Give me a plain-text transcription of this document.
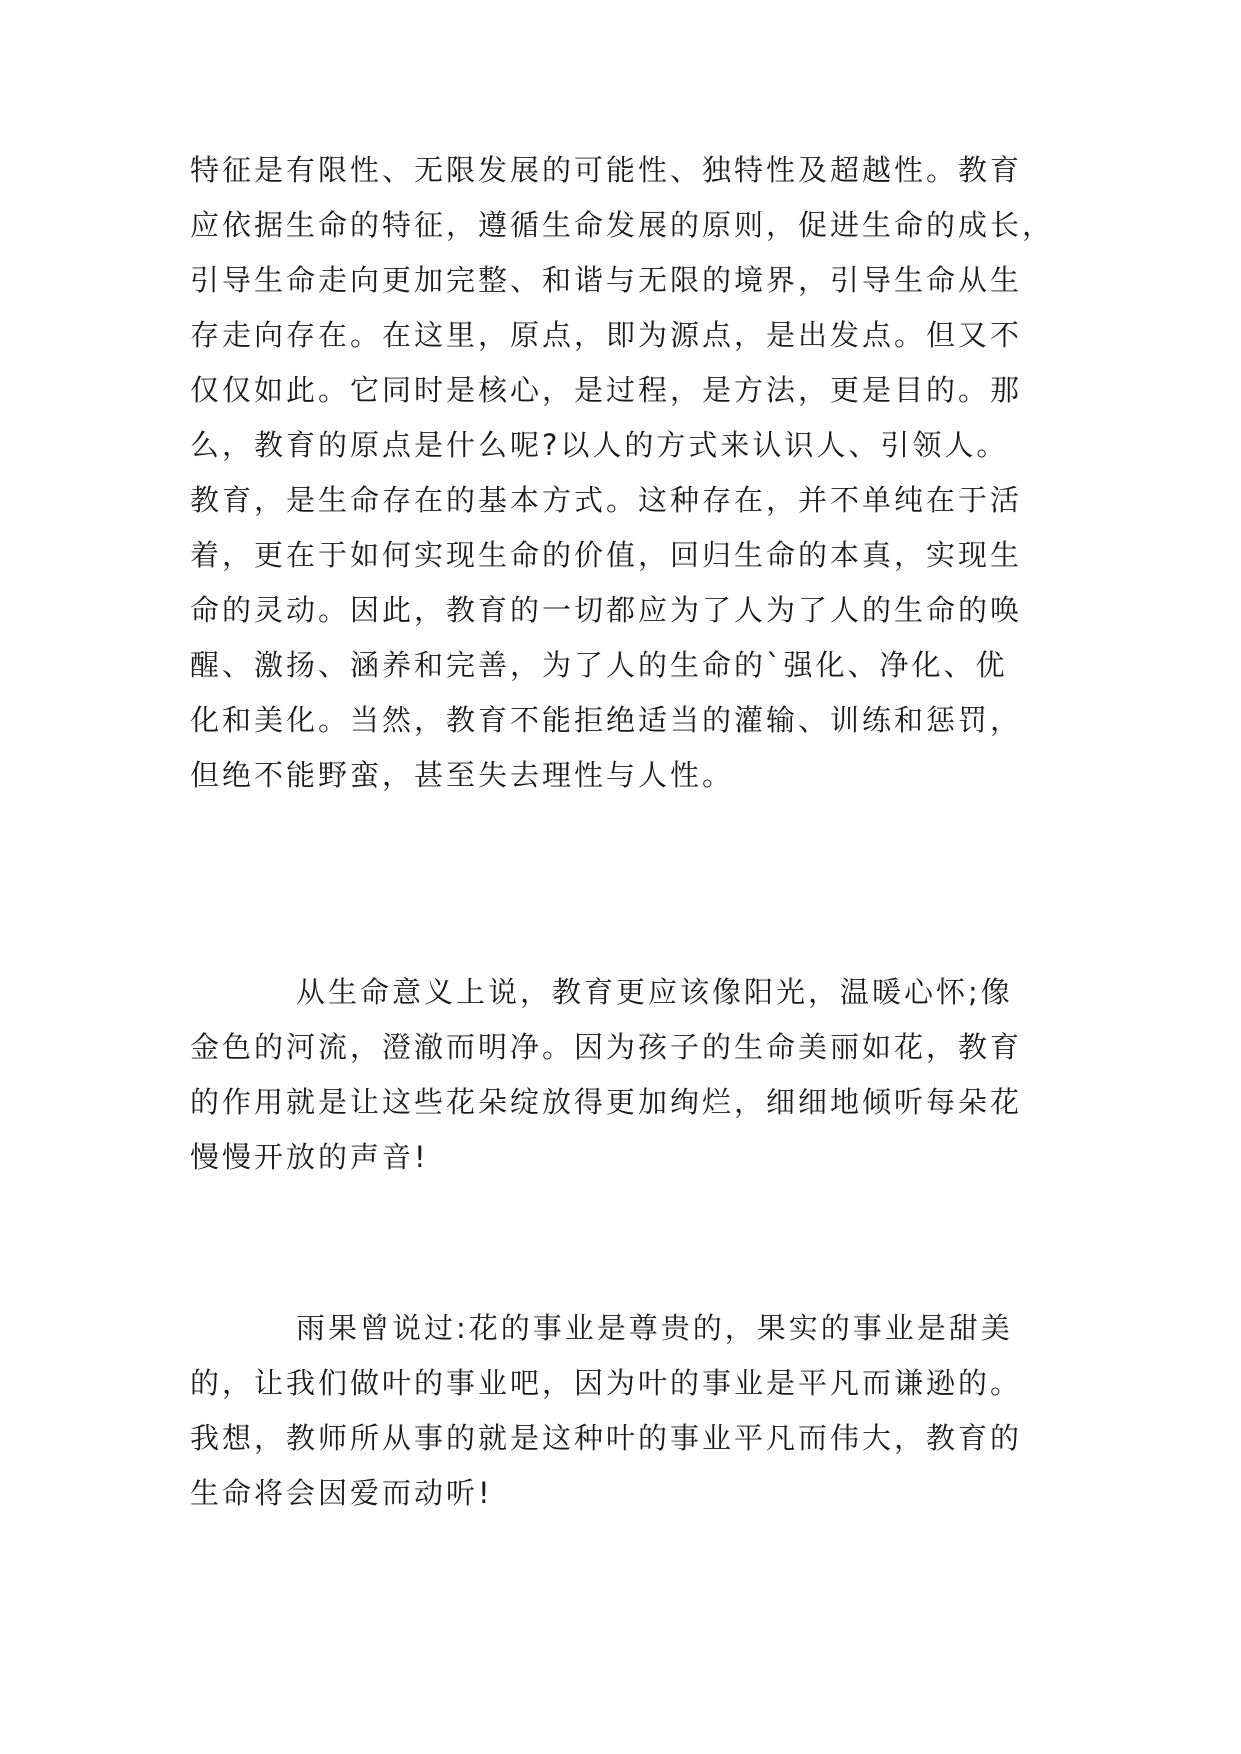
特征是有限性、无限发展的可能性、独特性及超越性。教育
应依据生命的特征，遵循生命发展的原则，促进生命的成长，
引导生命走向更加完整、和谐与无限的境界，引导生命从生
存走向存在。在这里，原点，即为源点，是出发点。但又不
仅仅如此。它同时是核心，是过程，是方法，更是目的。那
么，教育的原点是什么呢?以人的方式来认识人、引领人。
教育，是生命存在的基本方式。这种存在，并不单纯在于活
着，更在于如何实现生命的价值，回归生命的本真，实现生
命的灵动。因此，教育的一切都应为了人为了人的生命的唤
醒、激扬、涵养和完善，为了人的生命的`强化、净化、优
化和美化。当然，教育不能拒绝适当的灌输、训练和惩罚，
但绝不能野蛮，甚至失去理性与人性。
从生命意义上说，教育更应该像阳光，温暖心怀;像
金色的河流，澄澈而明净。因为孩子的生命美丽如花，教育
的作用就是让这些花朵绽放得更加绚烂，细细地倾听每朵花
慢慢开放的声音!
雨果曾说过:花的事业是尊贵的，果实的事业是甜美
的，让我们做叶的事业吧，因为叶的事业是平凡而谦逊的。
我想，教师所从事的就是这种叶的事业平凡而伟大，教育的
生命将会因爱而动听!
